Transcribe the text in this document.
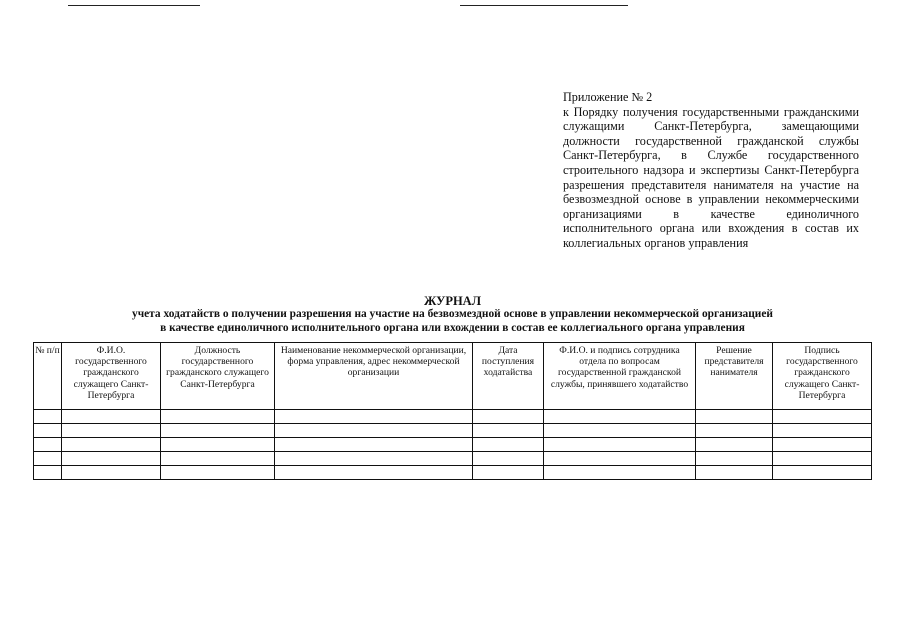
Приложение № 2
к Порядку получения государственными гражданскими служащими Санкт-Петербурга, замещающими должности государственной гражданской службы Санкт-Петербурга, в Службе государственного строительного надзора и экспертизы Санкт-Петербурга разрешения представителя нанимателя на участие на безвозмездной основе в управлении некоммерческими организациями в качестве единоличного исполнительного органа или вхождения в состав их коллегиальных органов управления
ЖУРНАЛ
учета ходатайств о получении разрешения на участие на безвозмездной основе в управлении некоммерческой организацией
в качестве единоличного исполнительного органа или вхождении в состав ее коллегиального органа управления
№ п/п	Ф.И.О. государственного гражданского служащего Санкт-Петербурга	Должность государственного гражданского служащего Санкт-Петербурга	Наименование некоммерческой организации, форма управления, адрес некоммерческой организации	Дата поступления ходатайства	Ф.И.О. и подпись сотрудника отдела по вопросам государственной гражданской службы, принявшего ходатайство	Решение представителя нанимателя	Подпись государственного гражданского служащего Санкт-Петербурга
